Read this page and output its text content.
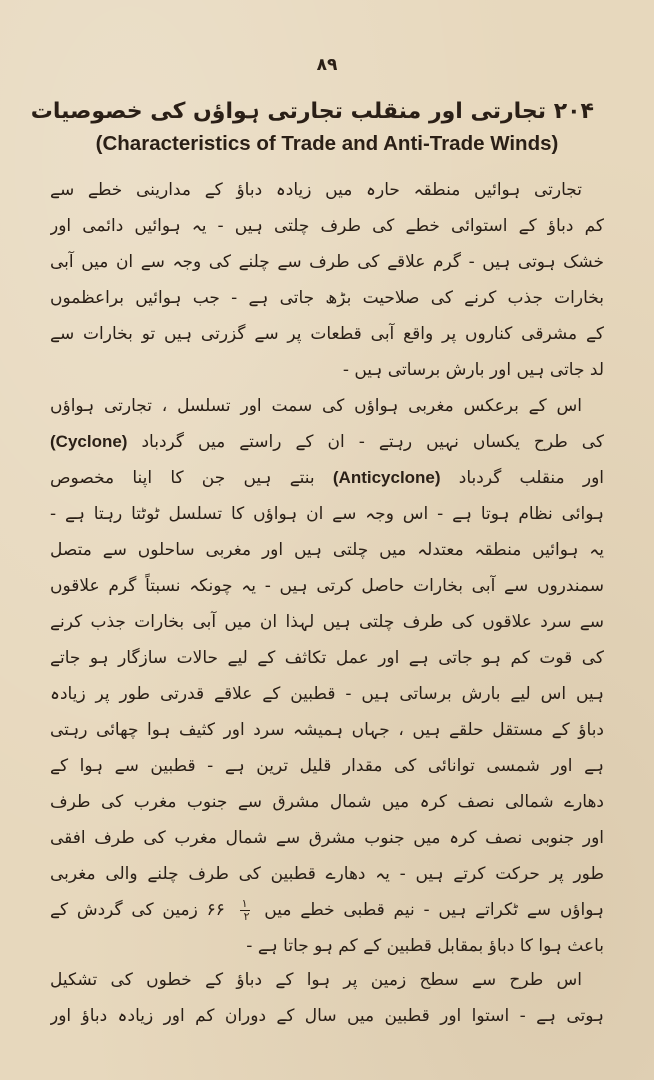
۸۹
۲۰۴ تجارتی اور منقلب تجارتی ہواؤں کی خصوصیات
(Characteristics of Trade and Anti-Trade Winds)
تجارتی ہوائیں منطقہ حارہ میں زیادہ دباؤ کے مدارینی خطے سے
کم دباؤ کے استوائی خطے کی طرف چلتی ہیں - یہ ہوائیں دائمی اور
خشک ہوتی ہیں - گرم علاقے کی طرف سے چلنے کی وجہ سے ان میں آبی
بخارات جذب کرنے کی صلاحیت بڑھ جاتی ہے - جب ہوائیں براعظموں
کے مشرقی کناروں پر واقع آبی قطعات پر سے گزرتی ہیں تو بخارات سے
لد جاتی ہیں اور بارش برساتی ہیں -
اس کے برعکس مغربی ہواؤں کی سمت اور تسلسل ، تجارتی ہواؤں
کی طرح یکساں نہیں رہتے - ان کے راستے میں گردباد (Cyclone)
اور منقلب گردباد (Anticyclone) بنتے ہیں جن کا اپنا مخصوص
ہوائی نظام ہوتا ہے - اس وجہ سے ان ہواؤں کا تسلسل ٹوٹتا رہتا ہے -
یہ ہوائیں منطقہ معتدلہ میں چلتی ہیں اور مغربی ساحلوں سے متصل
سمندروں سے آبی بخارات حاصل کرتی ہیں - یہ چونکہ نسبتاً گرم علاقوں
سے سرد علاقوں کی طرف چلتی ہیں لہذا ان میں آبی بخارات جذب کرنے
کی قوت کم ہو جاتی ہے اور عمل تکاثف کے لیے حالات سازگار ہو جاتے
ہیں اس لیے بارش برساتی ہیں - قطبین کے علاقے قدرتی طور پر زیادہ
دباؤ کے مستقل حلقے ہیں ، جہاں ہمیشہ سرد اور کثیف ہوا چھائی رہتی
ہے اور شمسی توانائی کی مقدار قلیل ترین ہے - قطبین سے ہوا کے
دھارے شمالی نصف کرہ میں شمال مشرق سے جنوب مغرب کی طرف
اور جنوبی نصف کرہ میں جنوب مشرق سے شمال مغرب کی طرف افقی
طور پر حرکت کرتے ہیں - یہ دھارے قطبین کی طرف چلنے والی مغربی
ہواؤں سے ٹکراتے ہیں - نیم قطبی خطے میں
$\frac{۱}{۲}$
۶۶ زمین کی گردش کے
باعث ہوا کا دباؤ بمقابل قطبین کے کم ہو جاتا ہے -
اس طرح سے سطح زمین پر ہوا کے دباؤ کے خطوں کی تشکیل
ہوتی ہے - استوا اور قطبین میں سال کے دوران کم اور زیادہ دباؤ اور
